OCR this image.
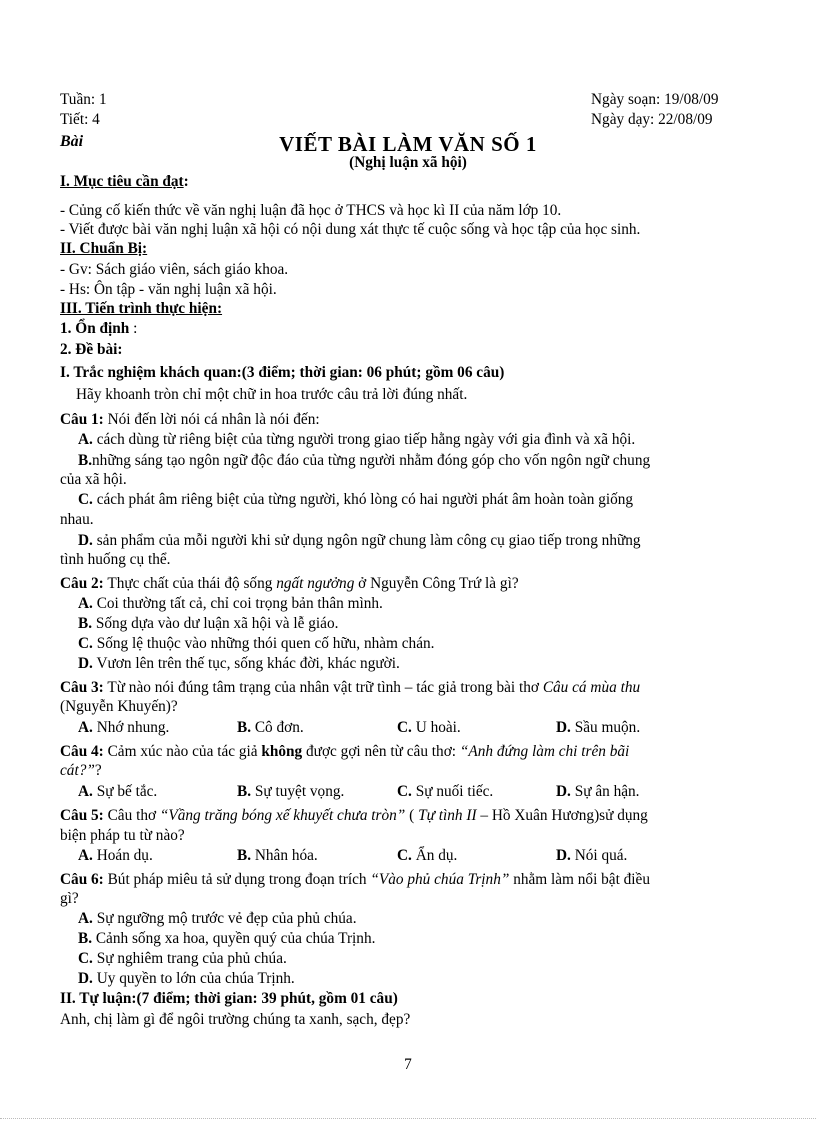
Tuần: 1
Tiết: 4
Bài
Ngày soạn: 19/08/09
Ngày dạy: 22/08/09
VIẾT BÀI LÀM VĂN SỐ 1
(Nghị luận xã hội)
I. Mục tiêu cần đạt:
- Củng cố kiến thức về văn nghị luận đã học ở THCS và học kì II của năm lớp 10.
- Viết được bài văn nghị luận xã hội có nội dung xát thực tế cuộc sống và học tập của học sinh.
II. Chuẩn Bị:
- Gv: Sách giáo viên, sách giáo khoa.
- Hs: Ôn tập - văn nghị luận xã hội.
III. Tiến trình thực hiện:
1. Ổn định :
2. Đề bài:
I. Trắc nghiệm khách quan:(3 điểm; thời gian: 06 phút; gồm 06 câu)
Hãy khoanh tròn chỉ một chữ in hoa trước câu trả lời đúng nhất.
Câu 1: Nói đến lời nói cá nhân là nói đến:
A. cách dùng từ riêng biệt của từng người trong giao tiếp hằng ngày với gia đình và xã hội.
B.những sáng tạo ngôn ngữ độc đáo của từng người nhằm đóng góp cho vốn ngôn ngữ chung
của xã hội.
C. cách phát âm riêng biệt của từng người, khó lòng có hai người phát âm hoàn toàn giống
nhau.
D. sản phẩm của mỗi người khi sử dụng ngôn ngữ chung làm công cụ giao tiếp trong những
tình huống cụ thể.
Câu 2: Thực chất của thái độ sống ngất ngưởng ở Nguyễn Công Trứ là gì?
A. Coi thường tất cả, chỉ coi trọng bản thân mình.
B. Sống dựa vào dư luận xã hội và lễ giáo.
C. Sống lệ thuộc vào những thói quen cố hữu, nhàm chán.
D. Vươn lên trên thế tục, sống khác đời, khác người.
Câu 3: Từ nào nói đúng tâm trạng của nhân vật trữ tình – tác giả trong bài thơ Câu cá mùa thu
(Nguyễn Khuyến)?
A. Nhớ nhung.	B. Cô đơn.	C. U hoài.	D. Sầu muộn.
Câu 4: Cảm xúc nào của tác giả không được gợi nên từ câu thơ: “Anh đứng làm chi trên bãi
cát?”?
A. Sự bế tắc.	B. Sự tuyệt vọng.	C. Sự nuối tiếc.	D. Sự ân hận.
Câu 5: Câu thơ “Vầng trăng bóng xế khuyết chưa tròn” ( Tự tình II – Hồ Xuân Hương)sử dụng
biện pháp tu từ nào?
A. Hoán dụ.	B. Nhân hóa.	C. Ẩn dụ.	D. Nói quá.
Câu 6: Bút pháp miêu tả sử dụng trong đoạn trích “Vào phủ chúa Trịnh” nhằm làm nổi bật điều
gì?
A. Sự ngưỡng mộ trước vẻ đẹp của phủ chúa.
B. Cảnh sống xa hoa, quyền quý của chúa Trịnh.
C. Sự nghiêm trang của phủ chúa.
D. Uy quyền to lớn của chúa Trịnh.
II. Tự luận:(7 điểm; thời gian: 39 phút, gồm 01 câu)
Anh, chị làm gì để ngôi trường chúng ta xanh, sạch, đẹp?
7
